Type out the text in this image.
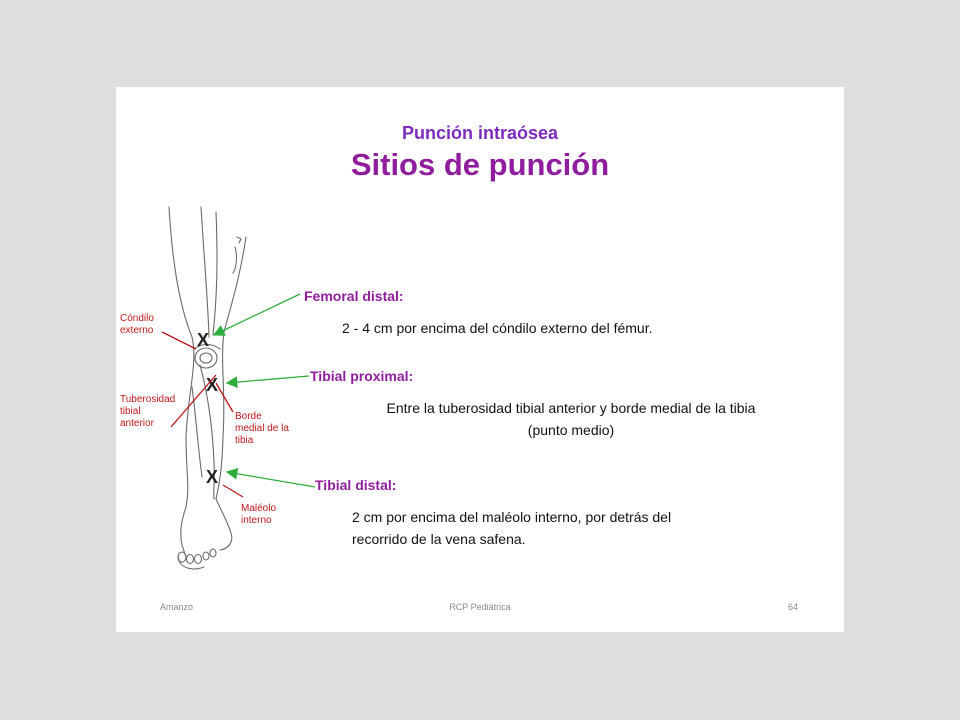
Punción intraósea
Sitios de punción
X
X
X
Cóndilo
externo
Tuberosidad
tibial
anterior
Borde
medial de la
tibia
Maléolo
interno
Femoral distal:
2 - 4 cm por encima del cóndilo externo del fémur.
Tibial proximal:
Entre la tuberosidad tibial anterior y borde medial de la tibia
(punto medio)
Tibial distal:
2 cm por encima del maléolo interno, por detrás del
recorrido de la vena safena.
Amanzo	RCP Pediátrica	64
